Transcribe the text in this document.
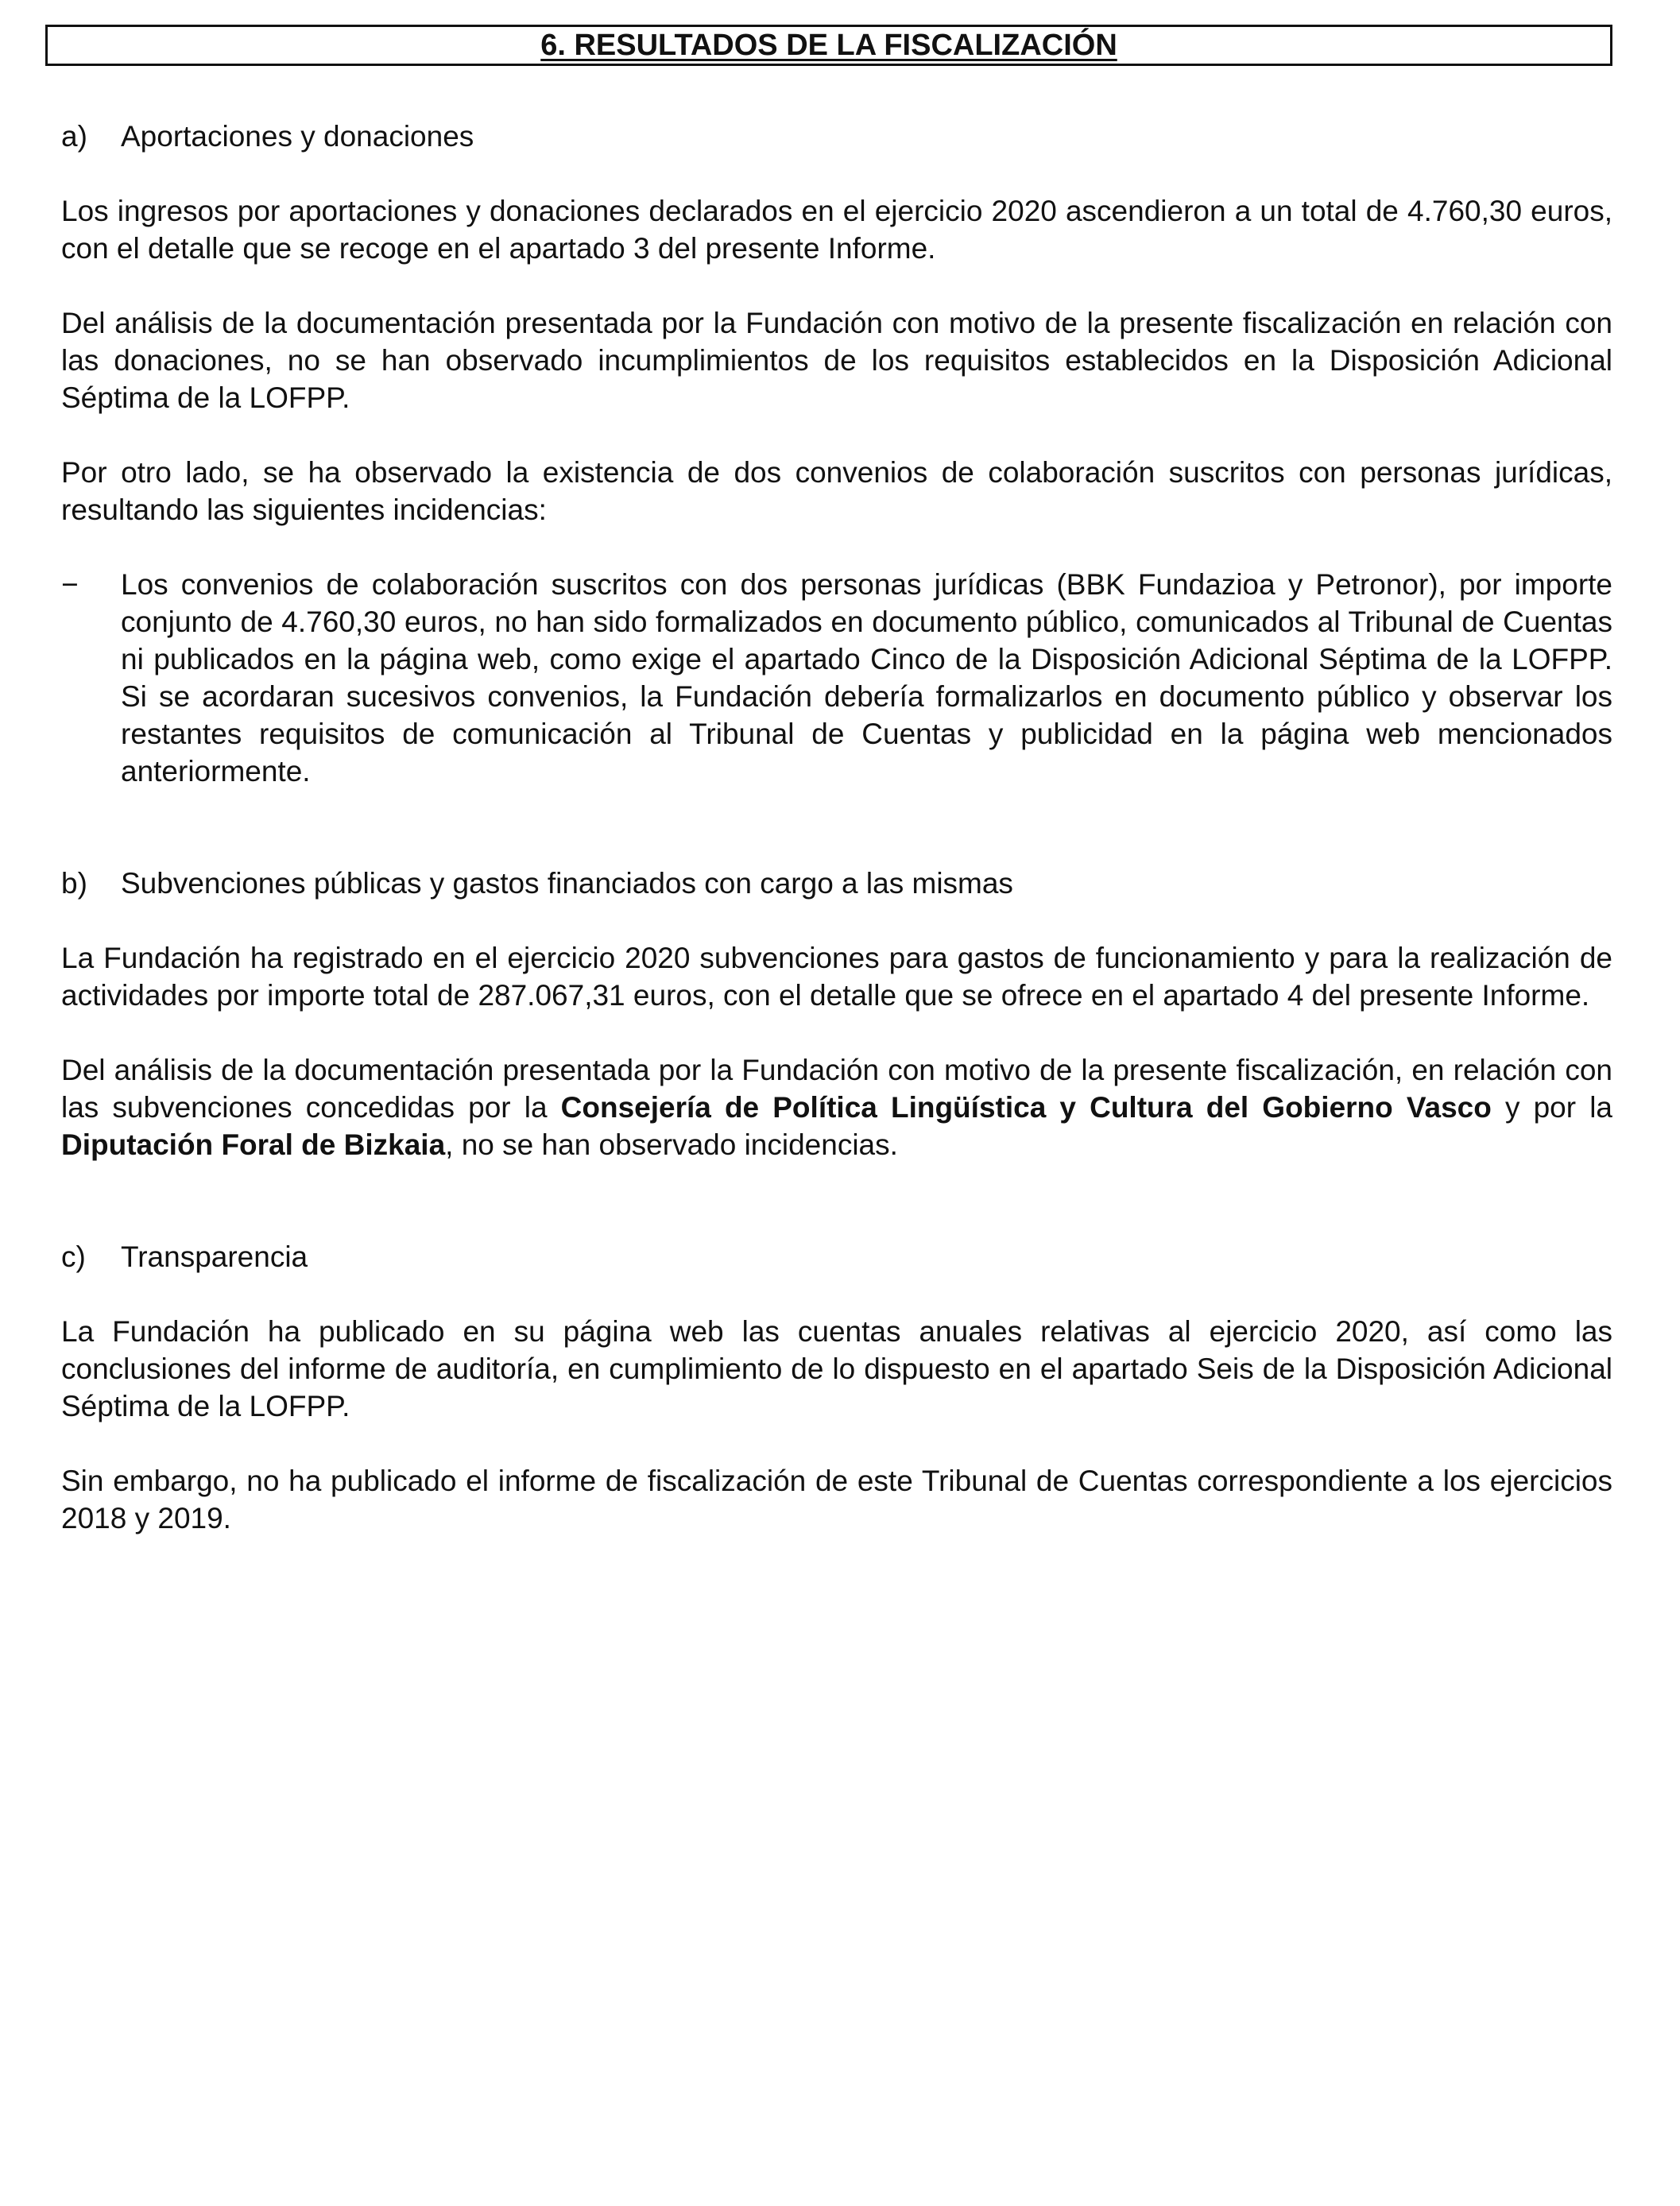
6. RESULTADOS DE LA FISCALIZACIÓN
a)	Aportaciones y donaciones

Los ingresos por aportaciones y donaciones declarados en el ejercicio 2020 ascendieron a un total de 4.760,30 euros, con el detalle que se recoge en el apartado 3 del presente Informe.

Del análisis de la documentación presentada por la Fundación con motivo de la presente fiscalización en relación con las donaciones, no se han observado incumplimientos de los requisitos establecidos en la Disposición Adicional Séptima de la LOFPP.

Por otro lado, se ha observado la existencia de dos convenios de colaboración suscritos con personas jurídicas, resultando las siguientes incidencias:

−	Los convenios de colaboración suscritos con dos personas jurídicas (BBK Fundazioa y Petronor), por importe conjunto de 4.760,30 euros, no han sido formalizados en documento público, comunicados al Tribunal de Cuentas ni publicados en la página web, como exige el apartado Cinco de la Disposición Adicional Séptima de la LOFPP. Si se acordaran sucesivos convenios, la Fundación debería formalizarlos en documento público y observar los restantes requisitos de comunicación al Tribunal de Cuentas y publicidad en la página web mencionados anteriormente.
b)	Subvenciones públicas y gastos financiados con cargo a las mismas

La Fundación ha registrado en el ejercicio 2020 subvenciones para gastos de funcionamiento y para la realización de actividades por importe total de 287.067,31 euros, con el detalle que se ofrece en el apartado 4 del presente Informe.

Del análisis de la documentación presentada por la Fundación con motivo de la presente fiscalización, en relación con las subvenciones concedidas por la Consejería de Política Lingüística y Cultura del Gobierno Vasco y por la Diputación Foral de Bizkaia, no se han observado incidencias.

c)	Transparencia

La Fundación ha publicado en su página web las cuentas anuales relativas al ejercicio 2020, así como las conclusiones del informe de auditoría, en cumplimiento de lo dispuesto en el apartado Seis de la Disposición Adicional Séptima de la LOFPP.

Sin embargo, no ha publicado el informe de fiscalización de este Tribunal de Cuentas correspondiente a los ejercicios 2018 y 2019.
